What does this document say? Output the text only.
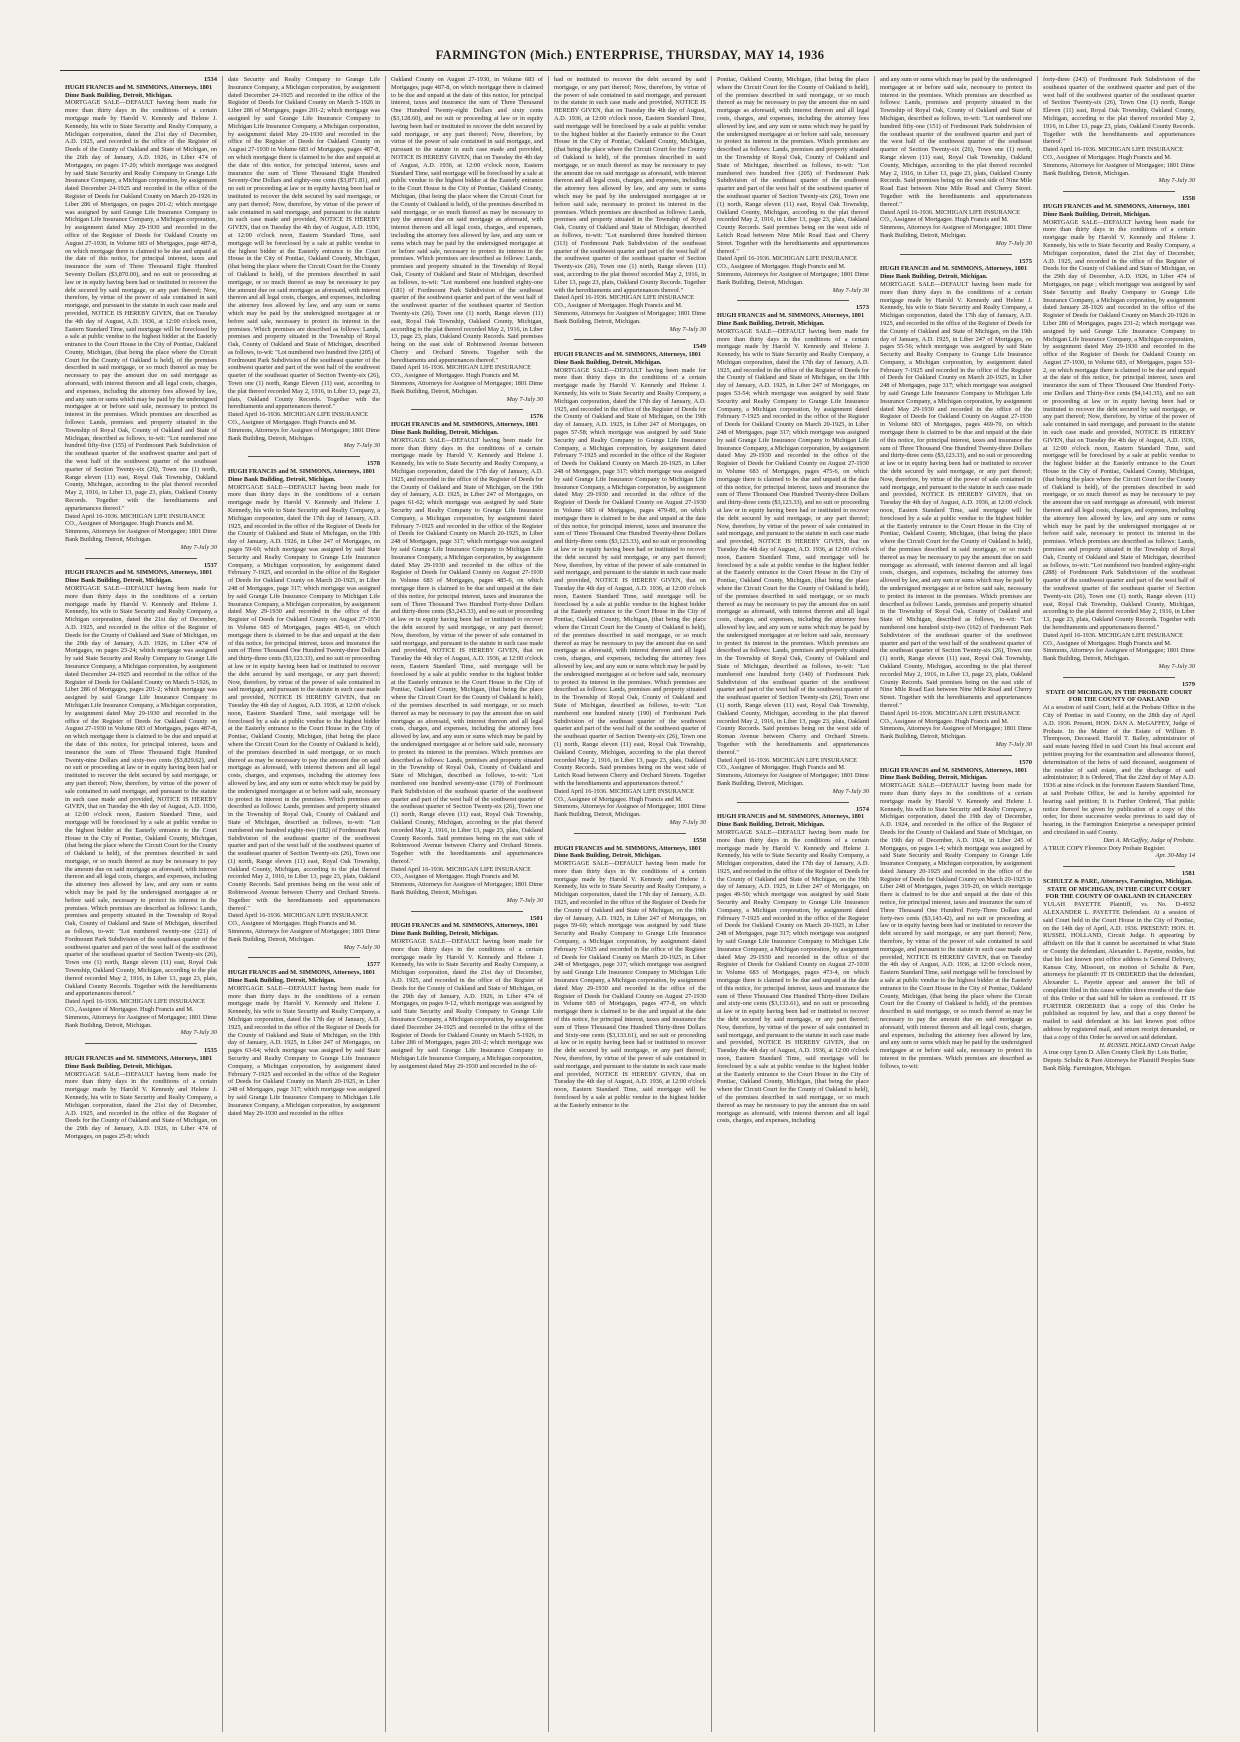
FARMINGTON (Mich.) ENTERPRISE, THURSDAY, MAY 14, 1936
1534
HUGH FRANCIS and M. SIMMONS, Attorneys, 1801 Dime Bank Building, Detroit, Michigan.
MORTGAGE SALE—DEFAULT having been made for more than thirty days in the conditions of a certain mortgage made by Harold V. Kennedy and Helene J. Kennedy, his wife to State Security and Realty Company, a Michigan corporation, dated the 21st day of December, A.D. 1925, and recorded in the office of the Register of Deeds of the County of Oakland and State of Michigan, on the 26th day of January, A.D. 1926, in Liber 474 of Mortgages, on pages 17-20; which mortgage was assigned by said State Security and Realty Company to Grange Life Insurance Company, a Michigan corporation, by assignment dated December 24-1925 and recorded in the office of the Register of Deeds for Oakland County on March 20-1926 in Liber 286 of Mortgages, on pages 201-2; which mortgage was assigned by said Grange Life Insurance Company to Michigan Life Insurance Company, a Michigan corporation, by assignment dated May 29-1930 and recorded in the office of the Register of Deeds for Oakland County on August 27-1930, in Volume 683 of Mortgages, page 487-8, on which mortgage there is claimed to be due and unpaid at the date of this notice, for principal interest, taxes and insurance the sum of Three Thousand Eight Hundred Seventy Dollars ($3,870.00), and no suit or proceeding at law or in equity having been had or instituted to recover the debt secured by said mortgage, or any part thereof; Now, therefore, by virtue of the power of sale contained in said mortgage, and pursuant to the statute in such case made and provided, NOTICE IS HEREBY GIVEN, that on Tuesday the 4th day of August, A.D. 1936, at 12:00 o'clock noon, Eastern Standard Time, said mortgage will be foreclosed by a sale at public vendue to the highest bidder at the Easterly entrance to the Court House in the City of Pontiac, Oakland County, Michigan, (that being the place where the Circuit Court for the County of Oakland is held), of the premises described in said mortgage, or so much thereof as may be necessary to pay the amount due on said mortgage as aforesaid, with interest thereon and all legal costs, charges, and expenses, including the attorney fees allowed by law, and any sum or sums which may be paid by the undersigned mortgagee at or before said sale, necessary to protect its interest in the premises. Which premises are described as follows: Lands, premises and property situated in the Township of Royal Oak, County of Oakland and State of Michigan, described as follows, to-wit: "Lot numbered one hundred fifty-five (155) of Fordmount Park Subdivision of the southeast quarter of the southwest quarter and part of the west half of the southwest quarter of the southeast quarter of Section Twenty-six (26), Town one (1) north, Range eleven (11) east, Royal Oak Township, Oakland County, Michigan, according to the plat thereof recorded May 2, 1916, in Liber 13, page 23, plats, Oakland County Records. Together with the hereditaments and appurtenances thereof."
Dated April 16-1936. MICHIGAN LIFE INSURANCE CO., Assignee of Mortgagee. Hugh Francis and M. Simmons, Attorneys for Assignee of Mortgagee; 1801 Dime Bank Building, Detroit, Michigan.
May 7-July 30
1537
HUGH FRANCIS and M. SIMMONS, Attorneys, 1801 Dime Bank Building, Detroit, Michigan.
MORTGAGE SALE—DEFAULT having been made for more than thirty days in the conditions of a certain mortgage made by Harold V. Kennedy and Helene J. Kennedy, his wife to State Security and Realty Company, a Michigan corporation, dated the 21st day of December, A.D. 1925, and recorded in the office of the Register of Deeds for the County of Oakland and State of Michigan, on the 29th day of January, A.D. 1926, in Liber 474 of Mortgages, on pages 23-24; which mortgage was assigned by said State Security and Realty Company to Grange Life Insurance Company, a Michigan corporation, by assignment dated December 24-1925 and recorded in the office of the Register of Deeds for Oakland County on March 5-1926, in Liber 286 of Mortgages, pages 201-2; which mortgage was assigned by said Grange Life Insurance Company to Michigan Life Insurance Company, a Michigan corporation, by assignment dated May 29-1930 and recorded in the office of the Register of Deeds for Oakland County on August 27-1930 in Volume 683 of Mortgages, pages 487-8, on which mortgage there is claimed to be due and unpaid at the date of this notice, for principal interest, taxes and insurance the sum of Three Thousand Eight Hundred Twenty-nine Dollars and sixty-two cents ($3,829.62), and no suit or proceeding at law or in equity having been had or instituted to recover the debt secured by said mortgage, or any part thereof; Now, therefore, by virtue of the power of sale contained in said mortgage, and pursuant to the statute in such case made and provided, NOTICE IS HEREBY GIVEN, that on Tuesday the 4th day of August, A.D. 1936, at 12:00 o'clock noon, Eastern Standard Time, said mortgage will be foreclosed by a sale at public vendue to the highest bidder at the Easterly entrance to the Court House in the City of Pontiac, Oakland County, Michigan, (that being the place where the Circuit Court for the County of Oakland is held), of the premises described in said mortgage, or so much thereof as may be necessary to pay the amount due on said mortgage as aforesaid, with interest thereon and all legal costs, charges, and expenses, including the attorney fees allowed by law, and any sum or sums which may be paid by the undersigned mortgagee at or before said sale, necessary to protect its interest in the premises. Which premises are described as follows: Lands, premises and property situated in the Township of Royal Oak, County of Oakland and State of Michigan, described as follows, to-wit: "Lot numbered twenty-one (221) of Fordmount Park Subdivision of the southeast quarter of the southwest quarter and part of the west half of the southwest quarter of the southeast quarter of Section Twenty-six (26), Town one (1) north, Range eleven (11) east, Royal Oak Township, Oakland County, Michigan, according to the plat thereof recorded May 2, 1916, in Liber 13, page 23, plats, Oakland County Records. Together with the hereditaments and appurtenances thereof."
Dated April 16-1936. MICHIGAN LIFE INSURANCE CO., Assignee of Mortgagee. Hugh Francis and M. Simmons, Attorneys for Assignee of Mortgagee; 1801 Dime Bank Building, Detroit, Michigan.
May 7-July 30
1535
HUGH FRANCIS and M. SIMMONS, Attorneys, 1801 Dime Bank Building, Detroit, Michigan.
MORTGAGE SALE—DEFAULT having been made for more than thirty days in the conditions of a certain mortgage made by Harold V. Kennedy and Helene J. Kennedy, his wife to State Security and Realty Company, a Michigan corporation, dated the 21st day of December, A.D. 1925, and recorded in the office of the Register of Deeds for the County of Oakland and State of Michigan, on the 29th day of January, A.D. 1926, in Liber 474 of Mortgages, on pages 25-8; which
date Security and Realty Company to Grange Life Insurance Company, a Michigan corporation, by assignment dated December 24-1925 and recorded in the office of the Register of Deeds for Oakland County on March 5-1926 in Liber 286 of Mortgages, pages 201-2; which mortgage was assigned by said Grange Life Insurance Company to Michigan Life Insurance Company, a Michigan corporation, by assignment dated May 29-1930 and recorded in the office of the Register of Deeds for Oakland County on August 27-1930 in Volume 683 of Mortgages, pages 487-8, on which mortgage there is claimed to be due and unpaid at the date of this notice, for principal interest, taxes and insurance the sum of Three Thousand Eight Hundred Seventy-One Dollars and eighty-one cents ($3,871.81), and no suit or proceeding at law or in equity having been had or instituted to recover the debt secured by said mortgage, or any part thereof; Now, therefore, by virtue of the power of sale contained in said mortgage, and pursuant to the statute in such case made and provided, NOTICE IS HEREBY GIVEN, that on Tuesday the 4th day of August, A.D. 1936, at 12:00 o'clock noon, Eastern Standard Time, said mortgage will be foreclosed by a sale at public vendue to the highest bidder at the Easterly entrance to the Court House in the City of Pontiac, Oakland County, Michigan, (that being the place where the Circuit Court for the County of Oakland is held), of the premises described in said mortgage, or so much thereof as may be necessary to pay the amount due on said mortgage as aforesaid, with interest thereon and all legal costs, charges, and expenses, including the attorney fees allowed by law, and any sum or sums which may be paid by the undersigned mortgagee at or before said sale, necessary to protect its interest in the premises. Which premises are described as follows: Lands, premises and property situated in the Township of Royal Oak, County of Oakland and State of Michigan, described as follows, to-wit: "Lot numbered two hundred five (205) of Fordmount Park Subdivision of the southeast quarter of the southwest quarter and part of the west half of the southwest quarter of the southeast quarter of Section Twenty-six (26), Town one (1) north, Range Eleven (11) east, according to the plat thereof recorded May 2, 1916, in Liber 13, page 23, plats, Oakland County Records. Together with the hereditaments and appurtenances thereof."
Dated April 16-1936. MICHIGAN LIFE INSURANCE CO., Assignee of Mortgagee. Hugh Francis and M. Simmons, Attorneys for Assignee of Mortgagee; 1801 Dime Bank Building, Detroit, Michigan.
May 7-July 30
1578
HUGH FRANCIS and M. SIMMONS, Attorneys, 1801 Dime Bank Building, Detroit, Michigan.
MORTGAGE SALE—DEFAULT having been made for more than thirty days in the conditions of a certain mortgage made by Harold V. Kennedy and Helene J. Kennedy, his wife to State Security and Realty Company, a Michigan corporation, dated the 17th day of January, A.D. 1925, and recorded in the office of the Register of Deeds for the County of Oakland and State of Michigan, on the 19th day of January, A.D. 1926, in Liber 247 of Mortgages, on pages 59-60; which mortgage was assigned by said State Security and Realty Company to Grange Life Insurance Company, a Michigan corporation, by assignment dated February 7-1925, and recorded in the office of the Register of Deeds for Oakland County on March 20-1925, in Liber 248 of Mortgages, page 317; which mortgage was assigned by said Grange Life Insurance Company to Michigan Life Insurance Company, a Michigan corporation, by assignment dated May 29-1930 and recorded in the office of the Register of Deeds for Oakland County on August 27-1930 in Volume 683 of Mortgages, pages 485-6, on which mortgage there is claimed to be due and unpaid at the date of this notice, for principal interest, taxes and insurance the sum of Three Thousand One Hundred Twenty-three Dollars and thirty-three cents ($3,123.33), and no suit or proceeding at law or in equity having been had or instituted to recover the debt secured by said mortgage, or any part thereof; Now, therefore, by virtue of the power of sale contained in said mortgage, and pursuant to the statute in such case made and provided, NOTICE IS HEREBY GIVEN, that on Tuesday the 4th day of August, A.D. 1936, at 12:00 o'clock noon, Eastern Standard Time, said mortgage will be foreclosed by a sale at public vendue to the highest bidder at the Easterly entrance to the Court House in the City of Pontiac, Oakland County, Michigan, (that being the place where the Circuit Court for the County of Oakland is held), of the premises described in said mortgage, or so much thereof as may be necessary to pay the amount due on said mortgage as aforesaid, with interest thereon and all legal costs, charges, and expenses, including the attorney fees allowed by law, and any sum or sums which may be paid by the undersigned mortgagee at or before said sale, necessary to protect its interest in the premises. Which premises are described as follows: Lands, premises and property situated in the Township of Royal Oak, County of Oakland and State of Michigan, described as follows, to-wit: "Lot numbered one hundred eighty-two (182) of Fordmount Park Subdivision of the southeast quarter of the southwest quarter and part of the west half of the southwest quarter of the southeast quarter of Section Twenty-six (26), Town one (1) north, Range eleven (11) east, Royal Oak Township, Oakland County, Michigan, according to the plat thereof recorded May 2, 1916, in Liber 13, page 23, plats, Oakland County Records. Said premises being on the west side of Robinwood Avenue between Cherry and Orchard Streets. Together with the hereditaments and appurtenances thereof."
Dated April 16-1936. MICHIGAN LIFE INSURANCE CO., Assignee of Mortgagee. Hugh Francis and M. Simmons, Attorneys for Assignee of Mortgagee; 1801 Dime Bank Building, Detroit, Michigan.
May 7-July 30
1577
HUGH FRANCIS and M. SIMMONS, Attorneys, 1801 Dime Bank Building, Detroit, Michigan.
MORTGAGE SALE—DEFAULT having been made for more than thirty days in the conditions of a certain mortgage made by Harold V. Kennedy and Helene J. Kennedy, his wife to State Security and Realty Company, a Michigan corporation, dated the 17th day of January, A.D. 1925, and recorded in the office of the Register of Deeds for the County of Oakland and State of Michigan, on the 19th day of January, A.D. 1925, in Liber 247 of Mortgages, on pages 63-64; which mortgage was assigned by said State Security and Realty Company to Grange Life Insurance Company, a Michigan corporation, by assignment dated February 7-1925 and recorded in the office of the Register of Deeds for Oakland County on March 20-1925, in Liber 248 of Mortgages, page 317; which mortgage was assigned by said Grange Life Insurance Company to Michigan Life Insurance Company, a Michigan corporation, by assignment dated May 29-1930 and recorded in the office
Oakland County on August 27-1930, in Volume 683 of Mortgages, page 487-8, on which mortgage there is claimed to be due and unpaid at the date of this notice, for principal interest, taxes and insurance the sum of Three Thousand One Hundred Twenty-eight Dollars and sixty cents ($3,128.60), and no suit or proceeding at law or in equity having been had or instituted to recover the debt secured by said mortgage, or any part thereof; Now, therefore, by virtue of the power of sale contained in said mortgage, and pursuant to the statute in such case made and provided, NOTICE IS HEREBY GIVEN, that on Tuesday the 4th day of August, A.D. 1936, at 12:00 o'clock noon, Eastern Standard Time, said mortgage will be foreclosed by a sale at public vendue to the highest bidder at the Easterly entrance to the Court House in the City of Pontiac, Oakland County, Michigan, (that being the place where the Circuit Court for the County of Oakland is held), of the premises described in said mortgage, or so much thereof as may be necessary to pay the amount due on said mortgage as aforesaid, with interest thereon and all legal costs, charges, and expenses, including the attorney fees allowed by law, and any sum or sums which may be paid by the undersigned mortgagee at or before said sale, necessary to protect its interest in the premises. Which premises are described as follows: Lands, premises and property situated in the Township of Royal Oak, County of Oakland and State of Michigan, described as follows, to-wit: "Lot numbered one hundred eighty-one (181) of Fordmount Park Subdivision of the southeast quarter of the southwest quarter and part of the west half of the southwest quarter of the southeast quarter of Section Twenty-six (26), Town one (1) north, Range eleven (11) east, Royal Oak Township, Oakland County, Michigan, according to the plat thereof recorded May 2, 1916, in Liber 13, page 23, plats, Oakland County Records. Said premises being on the east side of Robinwood Avenue between Cherry and Orchard Streets. Together with the hereditaments and appurtenances thereof."
Dated April 16-1936. MICHIGAN LIFE INSURANCE CO., Assignee of Mortgagee. Hugh Francis and M. Simmons, Attorneys for Assignee of Mortgagee; 1801 Dime Bank Building, Detroit, Michigan.
May 7-July 30
1576
HUGH FRANCIS and M. SIMMONS, Attorneys, 1801 Dime Bank Building, Detroit, Michigan.
MORTGAGE SALE—DEFAULT having been made for more than thirty days in the conditions of a certain mortgage made by Harold V. Kennedy and Helene J. Kennedy, his wife to State Security and Realty Company, a Michigan corporation, dated the 17th day of January, A.D. 1925, and recorded in the office of the Register of Deeds for the County of Oakland and State of Michigan, on the 19th day of January, A.D. 1925, in Liber 247 of Mortgages, on pages 61-62; which mortgage was assigned by said State Security and Realty Company to Grange Life Insurance Company, a Michigan corporation, by assignment dated February 7-1925 and recorded in the office of the Register of Deeds for Oakland County on March 20-1925, in Liber 248 of Mortgages, page 317; which mortgage was assigned by said Grange Life Insurance Company to Michigan Life Insurance Company, a Michigan corporation, by assignment dated May 29-1930 and recorded in the office of the Register of Deeds for Oakland County on August 27-1930 in Volume 683 of Mortgages, pages 485-6, on which mortgage there is claimed to be due and unpaid at the date of this notice, for principal interest, taxes and insurance the sum of Three Thousand Two Hundred Forty-three Dollars and thirty-three cents ($3,243.33), and no suit or proceeding at law or in equity having been had or instituted to recover the debt secured by said mortgage, or any part thereof; Now, therefore, by virtue of the power of sale contained in said mortgage, and pursuant to the statute in such case made and provided, NOTICE IS HEREBY GIVEN, that on Tuesday the 4th day of August, A.D. 1936, at 12:00 o'clock noon, Eastern Standard Time, said mortgage will be foreclosed by a sale at public vendue to the highest bidder at the Easterly entrance to the Court House in the City of Pontiac, Oakland County, Michigan, (that being the place where the Circuit Court for the County of Oakland is held), of the premises described in said mortgage, or so much thereof as may be necessary to pay the amount due on said mortgage as aforesaid, with interest thereon and all legal costs, charges, and expenses, including the attorney fees allowed by law, and any sum or sums which may be paid by the undersigned mortgagee at or before said sale, necessary to protect its interest in the premises. Which premises are described as follows: Lands, premises and property situated in the Township of Royal Oak, County of Oakland and State of Michigan, described as follows, to-wit: "Lot numbered one hundred seventy-nine (179) of Fordmount Park Subdivision of the southeast quarter of the southwest quarter and part of the west half of the southwest quarter of the southeast quarter of Section Twenty-six (26), Town one (1) north, Range eleven (11) east, Royal Oak Township, Oakland County, Michigan, according to the plat thereof recorded May 2, 1916, in Liber 13, page 23, plats, Oakland County Records. Said premises being on the east side of Robinwood Avenue between Cherry and Orchard Streets. Together with the hereditaments and appurtenances thereof."
Dated April 16-1936. MICHIGAN LIFE INSURANCE CO., Assignee of Mortgagee. Hugh Francis and M. Simmons, Attorneys for Assignee of Mortgagee; 1801 Dime Bank Building, Detroit, Michigan.
May 7-July 30
1501
HUGH FRANCIS and M. SIMMONS, Attorneys, 1801 Dime Bank Building, Detroit, Michigan.
MORTGAGE SALE—DEFAULT having been made for more than thirty days in the conditions of a certain mortgage made by Harold V. Kennedy and Helene J. Kennedy, his wife to State Security and Realty Company, a Michigan corporation, dated the 21st day of December, A.D. 1925, and recorded in the office of the Register of Deeds for the County of Oakland and State of Michigan, on the 29th day of January, A.D. 1926, in Liber 474 of Mortgages, on pages 9-12, which mortgage was assigned by said State Security and Realty Company to Grange Life Insurance Company, a Michigan corporation, by assignment dated December 24-1925 and recorded in the office of the Register of Deeds for Oakland County on March 5-1926, in Liber 286 of Mortgages, pages 201-2; which mortgage was assigned by said Grange Life Insurance Company to Michigan Life Insurance Company, a Michigan corporation, by assignment dated May 29-1930 and recorded in the of-
had or instituted to recover the debt secured by said mortgage, or any part thereof; Now, therefore, by virtue of the power of sale contained in said mortgage, and pursuant to the statute in such case made and provided, NOTICE IS HEREBY GIVEN, that on Tuesday the 4th day of August, A.D. 1936, at 12:00 o'clock noon, Eastern Standard Time, said mortgage will be foreclosed by a sale at public vendue to the highest bidder at the Easterly entrance to the Court House in the City of Pontiac, Oakland County, Michigan, (that being the place where the Circuit Court for the County of Oakland is held), of the premises described in said mortgage, or so much thereof as may be necessary to pay the amount due on said mortgage as aforesaid, with interest thereon and all legal costs, charges, and expenses, including the attorney fees allowed by law, and any sum or sums which may be paid by the undersigned mortgagee at or before said sale, necessary to protect its interest in the premises. Which premises are described as follows: Lands, premises and property situated in the Township of Royal Oak, County of Oakland and State of Michigan, described as follows, to-wit: "Lot numbered three hundred thirteen (313) of Fordmount Park Subdivision of the southeast quarter of the southwest quarter and part of the west half of the southwest quarter of the southeast quarter of Section Twenty-six (26), Town one (1) north, Range eleven (11) east, according to the plat thereof recorded May 2, 1916, in Liber 13, page 23, plats, Oakland County Records. Together with the hereditaments and appurtenances thereof."
Dated April 16-1936. MICHIGAN LIFE INSURANCE CO., Assignee of Mortgagee. Hugh Francis and M. Simmons, Attorneys for Assignee of Mortgagee; 1801 Dime Bank Building, Detroit, Michigan.
May 7-July 30
1549
HUGH FRANCIS and M. SIMMONS, Attorneys, 1801 Dime Bank Building, Detroit, Michigan.
MORTGAGE SALE—DEFAULT having been made for more than thirty days in the conditions of a certain mortgage made by Harold V. Kennedy and Helene J. Kennedy, his wife to State Security and Realty Company, a Michigan corporation, dated the 17th day of January, A.D. 1925, and recorded in the office of the Register of Deeds for the County of Oakland and State of Michigan, on the 19th day of January, A.D. 1925, in Liber 247 of Mortgages, on pages 57-58; which mortgage was assigned by said State Security and Realty Company to Grange Life Insurance Company, a Michigan corporation, by assignment dated February 7-1925 and recorded in the office of the Register of Deeds for Oakland County on March 20-1925, in Liber 248 of Mortgages, page 317; which mortgage was assigned by said Grange Life Insurance Company to Michigan Life Insurance Company, a Michigan corporation, by assignment dated May 29-1930 and recorded in the office of the Register of Deeds for Oakland County on August 27-1930 in Volume 683 of Mortgages, pages 479-80, on which mortgage there is claimed to be due and unpaid at the date of this notice, for principal interest, taxes and insurance the sum of Three Thousand One Hundred Twenty-three Dollars and thirty-three cents ($3,123.33), and no suit or proceeding at law or in equity having been had or instituted to recover the debt secured by said mortgage, or any part thereof; Now, therefore, by virtue of the power of sale contained in said mortgage, and pursuant to the statute in such case made and provided, NOTICE IS HEREBY GIVEN, that on Tuesday the 4th day of August, A.D. 1936, at 12:00 o'clock noon, Eastern Standard Time, said mortgage will be foreclosed by a sale at public vendue to the highest bidder at the Easterly entrance to the Court House in the City of Pontiac, Oakland County, Michigan, (that being the place where the Circuit Court for the County of Oakland is held), of the premises described in said mortgage, or so much thereof as may be necessary to pay the amount due on said mortgage as aforesaid, with interest thereon and all legal costs, charges, and expenses, including the attorney fees allowed by law, and any sum or sums which may be paid by the undersigned mortgagee at or before said sale, necessary to protect its interest in the premises. Which premises are described as follows: Lands, premises and property situated in the Township of Royal Oak, County of Oakland and State of Michigan, described as follows, to-wit: "Lot numbered one hundred ninety (190) of Fordmount Park Subdivision of the southeast quarter of the southwest quarter and part of the west half of the southwest quarter of the southeast quarter of Section Twenty-six (26), Town one (1) north, Range eleven (11) east, Royal Oak Township, Oakland County, Michigan, according to the plat thereof recorded May 2, 1916, in Liber 13, page 23, plats, Oakland County Records. Said premises being on the west side of Leitch Road between Cherry and Orchard Streets. Together with the hereditaments and appurtenances thereof."
Dated April 16-1936. MICHIGAN LIFE INSURANCE CO., Assignee of Mortgagee. Hugh Francis and M. Simmons, Attorneys for Assignee of Mortgagee; 1801 Dime Bank Building, Detroit, Michigan.
May 7-July 30
1550
HUGH FRANCIS and M. SIMMONS, Attorneys, 1801 Dime Bank Building, Detroit, Michigan.
MORTGAGE SALE—DEFAULT having been made for more than thirty days in the conditions of a certain mortgage made by Harold V. Kennedy and Helene J. Kennedy, his wife to State Security and Realty Company, a Michigan corporation, dated the 17th day of January, A.D. 1925, and recorded in the office of the Register of Deeds for the County of Oakland and State of Michigan, on the 19th day of January, A.D. 1925, in Liber 247 of Mortgages, on pages 59-60; which mortgage was assigned by said State Security and Realty Company to Grange Life Insurance Company, a Michigan corporation, by assignment dated February 7-1925 and recorded in the office of the Register of Deeds for Oakland County on March 20-1925, in Liber 248 of Mortgages, page 317; which mortgage was assigned by said Grange Life Insurance Company to Michigan Life Insurance Company, a Michigan corporation, by assignment dated May 29-1930 and recorded in the office of the Register of Deeds for Oakland County on August 27-1930 in Volume 683 of Mortgages, pages 477-8, on which mortgage there is claimed to be due and unpaid at the date of this notice, for principal interest, taxes and insurance the sum of Three Thousand One Hundred Thirty-three Dollars and Sixty-one cents ($3,133.61), and no suit or proceeding at law or in equity having been had or instituted to recover the debt secured by said mortgage, or any part thereof; Now, therefore, by virtue of the power of sale contained in said mortgage, and pursuant to the statute in such case made and provided, NOTICE IS HEREBY GIVEN, that on Tuesday the 4th day of August, A.D. 1936, at 12:00 o'clock noon, Eastern Standard Time, said mortgage will be foreclosed by a sale at public vendue to the highest bidder at the Easterly entrance to the
Pontiac, Oakland County, Michigan, (that being the place where the Circuit Court for the County of Oakland is held), of the premises described in said mortgage, or so much thereof as may be necessary to pay the amount due on said mortgage as aforesaid, with interest thereon and all legal costs, charges, and expenses, including the attorney fees allowed by law, and any sum or sums which may be paid by the undersigned mortgagee at or before said sale, necessary to protect its interest in the premises. Which premises are described as follows: Lands, premises and property situated in the Township of Royal Oak, County of Oakland and State of Michigan, described as follows, to-wit: "Lot numbered two hundred five (205) of Fordmount Park Subdivision of the southeast quarter of the southwest quarter and part of the west half of the southwest quarter of the southeast quarter of Section Twenty-six (26), Town one (1) north, Range eleven (11) east, Royal Oak Township, Oakland County, Michigan, according to the plat thereof recorded May 2, 1916, in Liber 13, page 23, plats, Oakland County Records. Said premises being on the west side of Leitch Road between Nine Mile Road East and Cherry Street. Together with the hereditaments and appurtenances thereof."
Dated April 16-1936. MICHIGAN LIFE INSURANCE CO., Assignee of Mortgagee. Hugh Francis and M. Simmons, Attorneys for Assignee of Mortgagee; 1801 Dime Bank Building, Detroit, Michigan.
May 7-July 30
1573
HUGH FRANCIS and M. SIMMONS, Attorneys, 1801 Dime Bank Building, Detroit, Michigan.
MORTGAGE SALE—DEFAULT having been made for more than thirty days in the conditions of a certain mortgage made by Harold V. Kennedy and Helene J. Kennedy, his wife to State Security and Realty Company, a Michigan corporation, dated the 17th day of January, A.D. 1925, and recorded in the office of the Register of Deeds for the County of Oakland and State of Michigan, on the 19th day of January, A.D. 1925, in Liber 247 of Mortgages, on pages 53-54; which mortgage was assigned by said State Security and Realty Company to Grange Life Insurance Company, a Michigan corporation, by assignment dated February 7-1925 and recorded in the office of the Register of Deeds for Oakland County on March 20-1925, in Liber 248 of Mortgages, page 317; which mortgage was assigned by said Grange Life Insurance Company to Michigan Life Insurance Company, a Michigan corporation, by assignment dated May 29-1930 and recorded in the office of the Register of Deeds for Oakland County on August 27-1930 in Volume 683 of Mortgages, pages 475-6, on which mortgage there is claimed to be due and unpaid at the date of this notice, for principal interest, taxes and insurance the sum of Three Thousand One Hundred Twenty-three Dollars and thirty-three cents ($3,123.33), and no suit or proceeding at law or in equity having been had or instituted to recover the debt secured by said mortgage, or any part thereof; Now, therefore, by virtue of the power of sale contained in said mortgage, and pursuant to the statute in such case made and provided, NOTICE IS HEREBY GIVEN, that on Tuesday the 4th day of August, A.D. 1936, at 12:00 o'clock noon, Eastern Standard Time, said mortgage will be foreclosed by a sale at public vendue to the highest bidder at the Easterly entrance to the Court House in the City of Pontiac, Oakland County, Michigan, (that being the place where the Circuit Court for the County of Oakland is held), of the premises described in said mortgage, or so much thereof as may be necessary to pay the amount due on said mortgage as aforesaid, with interest thereon and all legal costs, charges, and expenses, including the attorney fees allowed by law, and any sum or sums which may be paid by the undersigned mortgagee at or before said sale, necessary to protect its interest in the premises. Which premises are described as follows: Lands, premises and property situated in the Township of Royal Oak, County of Oakland and State of Michigan, described as follows, to-wit: "Lot numbered one hundred forty (140) of Fordmount Park Subdivision of the southeast quarter of the southwest quarter and part of the west half of the southwest quarter of the southeast quarter of Section Twenty-six (26), Town one (1) north, Range eleven (11) east, Royal Oak Township, Oakland County, Michigan, according to the plat thereof recorded May 2, 1916, in Liber 13, page 23, plats, Oakland County Records. Said premises being on the west side of Roman Avenue between Cherry and Orchard Streets. Together with the hereditaments and appurtenances thereof."
Dated April 16-1936. MICHIGAN LIFE INSURANCE CO., Assignee of Mortgagee. Hugh Francis and M. Simmons, Attorneys for Assignee of Mortgagee; 1801 Dime Bank Building, Detroit, Michigan.
May 7-July 30
1574
HUGH FRANCIS and M. SIMMONS, Attorneys, 1801 Dime Bank Building, Detroit, Michigan.
MORTGAGE SALE—DEFAULT having been made for more than thirty days in the conditions of a certain mortgage made by Harold V. Kennedy and Helene J. Kennedy, his wife to State Security and Realty Company, a Michigan corporation, dated the 17th day of January, A.D. 1925, and recorded in the office of the Register of Deeds for the County of Oakland and State of Michigan, on the 19th day of January, A.D. 1925, in Liber 247 of Mortgages, on pages 49-50; which mortgage was assigned by said State Security and Realty Company to Grange Life Insurance Company, a Michigan corporation, by assignment dated February 7-1925 and recorded in the office of the Register of Deeds for Oakland County on March 20-1925, in Liber 248 of Mortgages, page 317; which mortgage was assigned by said Grange Life Insurance Company to Michigan Life Insurance Company, a Michigan corporation, by assignment dated May 29-1930 and recorded in the office of the Register of Deeds for Oakland County on August 27-1930 in Volume 683 of Mortgages, pages 473-4, on which mortgage there is claimed to be due and unpaid at the date of this notice, for principal interest, taxes and insurance the sum of Three Thousand One Hundred Thirty-three Dollars and sixty-one cents ($3,133.61), and no suit or proceeding at law or in equity having been had or instituted to recover the debt secured by said mortgage, or any part thereof; Now, therefore, by virtue of the power of sale contained in said mortgage, and pursuant to the statute in such case made and provided, NOTICE IS HEREBY GIVEN, that on Tuesday the 4th day of August, A.D. 1936, at 12:00 o'clock noon, Eastern Standard Time, said mortgage will be foreclosed by a sale at public vendue to the highest bidder at the Easterly entrance to the Court House in the City of Pontiac, Oakland County, Michigan, (that being the place where the Circuit Court for the County of Oakland is held), of the premises described in said mortgage, or so much thereof as may be necessary to pay the amount due on said mortgage as aforesaid, with interest thereon and all legal costs, charges, and expenses, including
and any sum or sums which may be paid by the undersigned mortgagee at or before said sale, necessary to protect its interest in the premises. Which premises are described as follows: Lands, premises and property situated in the Township of Royal Oak, County of Oakland and State of Michigan, described as follows, to-wit: "Lot numbered one hundred fifty-one (151) of Fordmount Park Subdivision of the southeast quarter of the southwest quarter and part of the west half of the southwest quarter of the southeast quarter of Section Twenty-six (26), Town one (1) north, Range eleven (11) east, Royal Oak Township, Oakland County, Michigan, according to the plat thereof recorded May 2, 1916, in Liber 13, page 23, plats, Oakland County Records. Said premises being on the west side of Nine Mile Road East between Nine Mile Road and Cherry Street. Together with the hereditaments and appurtenances thereof."
Dated April 16-1936. MICHIGAN LIFE INSURANCE CO., Assignee of Mortgagee. Hugh Francis and M. Simmons, Attorneys for Assignee of Mortgagee; 1801 Dime Bank Building, Detroit, Michigan.
May 7-July 30
1575
HUGH FRANCIS and M. SIMMONS, Attorneys, 1801 Dime Bank Building, Detroit, Michigan.
MORTGAGE SALE—DEFAULT having been made for more than thirty days in the conditions of a certain mortgage made by Harold V. Kennedy and Helene J. Kennedy, his wife to State Security and Realty Company, a Michigan corporation, dated the 17th day of January, A.D. 1925, and recorded in the office of the Register of Deeds for the County of Oakland and State of Michigan, on the 19th day of January, A.D. 1925, in Liber 247 of Mortgages, on pages 55-56; which mortgage was assigned by said State Security and Realty Company to Grange Life Insurance Company, a Michigan corporation, by assignment dated February 7-1925 and recorded in the office of the Register of Deeds for Oakland County on March 20-1925, in Liber 248 of Mortgages, page 317; which mortgage was assigned by said Grange Life Insurance Company to Michigan Life Insurance Company, a Michigan corporation, by assignment dated May 29-1930 and recorded in the office of the Register of Deeds for Oakland County on August 27-1930 in Volume 683 of Mortgages, pages 469-70, on which mortgage there is claimed to be due and unpaid at the date of this notice, for principal interest, taxes and insurance the sum of Three Thousand One Hundred Twenty-three Dollars and thirty-three cents ($3,123.33), and no suit or proceeding at law or in equity having been had or instituted to recover the debt secured by said mortgage, or any part thereof; Now, therefore, by virtue of the power of sale contained in said mortgage, and pursuant to the statute in such case made and provided, NOTICE IS HEREBY GIVEN, that on Tuesday the 4th day of August, A.D. 1936, at 12:00 o'clock noon, Eastern Standard Time, said mortgage will be foreclosed by a sale at public vendue to the highest bidder at the Easterly entrance to the Court House in the City of Pontiac, Oakland County, Michigan, (that being the place where the Circuit Court for the County of Oakland is held), of the premises described in said mortgage, or so much thereof as may be necessary to pay the amount due on said mortgage as aforesaid, with interest thereon and all legal costs, charges, and expenses, including the attorney fees allowed by law, and any sum or sums which may be paid by the undersigned mortgagee at or before said sale, necessary to protect its interest in the premises. Which premises are described as follows: Lands, premises and property situated in the Township of Royal Oak, County of Oakland and State of Michigan, described as follows, to-wit: "Lot numbered one hundred sixty-two (162) of Fordmount Park Subdivision of the southeast quarter of the southwest quarter and part of the west half of the southwest quarter of the southeast quarter of Section Twenty-six (26), Town one (1) north, Range eleven (11) east, Royal Oak Township, Oakland County, Michigan, according to the plat thereof recorded May 2, 1916, in Liber 13, page 23, plats, Oakland County Records. Said premises being on the east side of Nine Mile Road East between Nine Mile Road and Cherry Street. Together with the hereditaments and appurtenances thereof."
Dated April 16-1936. MICHIGAN LIFE INSURANCE CO., Assignee of Mortgagee. Hugh Francis and M. Simmons, Attorneys for Assignee of Mortgagee; 1801 Dime Bank Building, Detroit, Michigan.
May 7-July 30
1570
HUGH FRANCIS and M. SIMMONS, Attorneys, 1801 Dime Bank Building, Detroit, Michigan.
MORTGAGE SALE—DEFAULT having been made for more than thirty days in the conditions of a certain mortgage made by Harold V. Kennedy and Helene J. Kennedy, his wife to State Security and Realty Company, a Michigan corporation, dated the 19th day of December, A.D. 1924, and recorded in the office of the Register of Deeds for the County of Oakland and State of Michigan, on the 19th day of December, A.D. 1924, in Liber 245 of Mortgages, on pages 1-4; which mortgage was assigned by said State Security and Realty Company to Grange Life Insurance Company, a Michigan corporation, by assignment dated January 20-1925 and recorded in the office of the Register of Deeds for Oakland County on March 20-1925 in Liber 248 of Mortgages, pages 319-20, on which mortgage there is claimed to be due and unpaid at the date of this notice, for principal interest, taxes and insurance the sum of Three Thousand One Hundred Forty-Three Dollars and forty-two cents ($3,143.42), and no suit or proceeding at law or in equity having been had or instituted to recover the debt secured by said mortgage, or any part thereof; Now, therefore, by virtue of the power of sale contained in said mortgage, and pursuant to the statute in such case made and provided, NOTICE IS HEREBY GIVEN, that on Tuesday the 4th day of August, A.D. 1936, at 12:00 o'clock noon, Eastern Standard Time, said mortgage will be foreclosed by a sale at public vendue to the highest bidder at the Easterly entrance to the Court House in the City of Pontiac, Oakland County, Michigan, (that being the place where the Circuit Court for the County of Oakland is held), of the premises described in said mortgage, or so much thereof as may be necessary to pay the amount due on said mortgage as aforesaid, with interest thereon and all legal costs, charges, and expenses, including the attorney fees allowed by law, and any sum or sums which may be paid by the undersigned mortgagee at or before said sale, necessary to protect its interest in the premises. Which premises are described as follows, to-wit:
forty-three (243) of Fordmount Park Subdivision of the southeast quarter of the southwest quarter and part of the west half of the southwest quarter of the southeast quarter of Section Twenty-six (26), Town One (1) north, Range Eleven (11) east, Royal Oak Township, Oakland County, Michigan, according to the plat thereof recorded May 2, 1916, in Liber 13, page 23, plats, Oakland County Records. Together with the hereditaments and appurtenances thereof."
Dated April 16-1936. MICHIGAN LIFE INSURANCE CO., Assignee of Mortgagee. Hugh Francis and M. Simmons, Attorneys for Assignee of Mortgagee; 1801 Dime Bank Building, Detroit, Michigan.
May 7-July 30
1558
HUGH FRANCIS and M. SIMMONS, Attorneys, 1801 Dime Bank Building, Detroit, Michigan.
MORTGAGE SALE—DEFAULT having been made for more than thirty days in the conditions of a certain mortgage made by Harold V. Kennedy and Helene J. Kennedy, his wife to State Security and Realty Company, a Michigan corporation, dated the 21st day of December, A.D. 1925, and recorded in the office of the Register of Deeds for the County of Oakland and State of Michigan, on the 29th day of December, A.D. 1926, in Liber 474 of Mortgages, on page ; which mortgage was assigned by said State Security and Realty Company to Grange Life Insurance Company, a Michigan corporation, by assignment dated January 28-1926 and recorded in the office of the Register of Deeds for Oakland County on March 20-1926 in Liber 286 of Mortgages, pages 231-2; which mortgage was assigned by said Grange Life Insurance Company to Michigan Life Insurance Company, a Michigan corporation, by assignment dated May 29-1930 and recorded in the office of the Register of Deeds for Oakland County on August 27-1930, in Volume 683, of Mortgages, pages 531-2, on which mortgage there is claimed to be due and unpaid at the date of this notice, for principal interest, taxes and insurance the sum of Three Thousand One Hundred Forty-one Dollars and Thirty-five cents ($4,141.35), and no suit or proceeding at law or in equity having been had or instituted to recover the debt secured by said mortgage, or any part thereof; Now, therefore, by virtue of the power of sale contained in said mortgage, and pursuant to the statute in such case made and provided, NOTICE IS HEREBY GIVEN, that on Tuesday the 4th day of August, A.D. 1936, at 12:00 o'clock noon, Eastern Standard Time, said mortgage will be foreclosed by a sale at public vendue to the highest bidder at the Easterly entrance to the Court House in the City of Pontiac, Oakland County, Michigan, (that being the place where the Circuit Court for the County of Oakland is held), of the premises described in said mortgage, or so much thereof as may be necessary to pay the amount due on said mortgage as aforesaid, with interest thereon and all legal costs, charges, and expenses, including the attorney fees allowed by law, and any sum or sums which may be paid by the undersigned mortgagee at or before said sale, necessary to protect its interest in the premises. Which premises are described as follows: Lands, premises and property situated in the Township of Royal Oak, County of Oakland and State of Michigan, described as follows, to-wit: "Lot numbered two hundred eighty-eight (288) of Fordmount Park Subdivision of the southeast quarter of the southwest quarter and part of the west half of the southwest quarter of the southeast quarter of Section Twenty-six (26), Town one (1) north, Range eleven (11) east, Royal Oak Township, Oakland County, Michigan, according to the plat thereof recorded May 2, 1916, in Liber 13, page 23, plats, Oakland County Records. Together with the hereditaments and appurtenances thereof."
Dated April 16-1936. MICHIGAN LIFE INSURANCE CO., Assignee of Mortgagee. Hugh Francis and M. Simmons, Attorneys for Assignee of Mortgagee; 1801 Dime Bank Building, Detroit, Michigan.
May 7-July 30
1579
STATE OF MICHIGAN, IN THE PROBATE COURT FOR THE COUNTY OF OAKLAND
At a session of said Court, held at the Probate Office in the City of Pontiac in said County, on the 28th day of April A.D. 1936. Present, HON. DAN A. McGAFFEY, Judge of Probate. In the Matter of the Estate of William P. Thompson, Deceased. Harold T. Bailey, administrator of said estate having filed in said Court his final account and petition praying for the examination and allowance thereof, determination of the heirs of said deceased, assignment of the residue of said estate, and the discharge of said administrator; It is Ordered, That the 22nd day of May A.D. 1936 at nine o'clock in the forenoon Eastern Standard Time, at said Probate Office, be and is hereby appointed for hearing said petition; It is Further Ordered, That public notice thereof be given by publication of a copy of this order, for three successive weeks previous to said day of hearing, in the Farmington Enterprise a newspaper printed and circulated in said County.
Dan A. McGaffey, Judge of Probate.
A TRUE COPY Florence Doty Probate Register.
Apr. 30-May 14
1581
SCHULTZ & PARE, Attorneys, Farmington, Michigan.
STATE OF MICHIGAN, IN THE CIRCUIT COURT FOR THE COUNTY OF OAKLAND IN CHANCERY
YULAH PAYETTE Plaintiff, vs. No. D-4932 ALEXANDER L. PAYETTE Defendant. At a session of said Court held in the Court House in the City of Pontiac, on the 14th day of April, A.D. 1936. PRESENT: HON. H. RUSSEL HOLLAND, Circuit Judge. It appearing by affidavit on file that it cannot be ascertained in what State or County the defendant, Alexander L. Payette, resides, but that his last known post office address is General Delivery, Kansas City, Missouri, on motion of Schultz & Pare, attorneys for plaintiff: IT IS ORDERED that the defendant, Alexander L. Payette appear and answer the bill of complaint filed in this cause within three months of the date of this Order or that said bill be taken as confessed. IT IS FURTHER ORDERED that a copy of this Order be published as required by law, and that a copy thereof be mailed to said defendant at his last known post office address by registered mail, and return receipt demanded, or that a copy of this Order be served on said defendant.
H. RUSSEL HOLLAND Circuit Judge
A true copy Lynn D. Allen County Clerk By: Lois Butler, Deputy. Schultz & Pare Attorneys for Plaintiff Peoples State Bank Bldg. Farmington, Michigan.
